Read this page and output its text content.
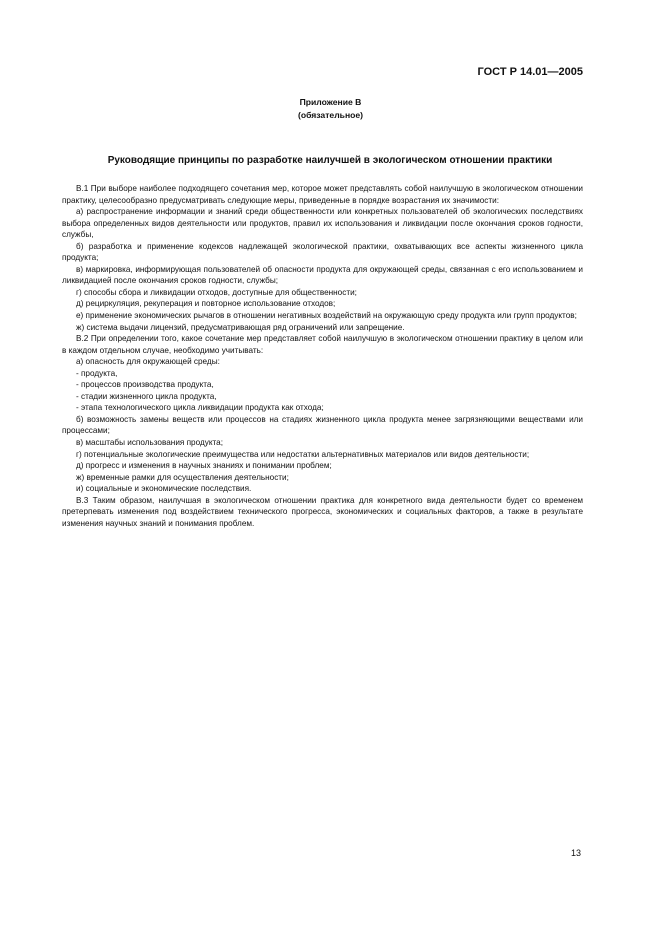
ГОСТ Р 14.01—2005
Приложение В
(обязательное)
Руководящие принципы по разработке наилучшей в экологическом отношении практики

В.1 При выборе наиболее подходящего сочетания мер, которое может представлять собой наилучшую в экологическом отношении практику, целесообразно предусматривать следующие меры, приведенные в порядке возрастания их значимости:

а) распространение информации и знаний среди общественности или конкретных пользователей об экологических последствиях выбора определенных видов деятельности или продуктов, правил их использования и ликвидации после окончания сроков годности, службы,

б) разработка и применение кодексов надлежащей экологической практики, охватывающих все аспекты жизненного цикла продукта;

в) маркировка, информирующая пользователей об опасности продукта для окружающей среды, связанная с его использованием и ликвидацией после окончания сроков годности, службы;

г) способы сбора и ликвидации отходов, доступные для общественности;

д) рециркуляция, рекуперация и повторное использование отходов;

е) применение экономических рычагов в отношении негативных воздействий на окружающую среду продукта или групп продуктов;

ж) система выдачи лицензий, предусматривающая ряд ограничений или запрещение.

В.2 При определении того, какое сочетание мер представляет собой наилучшую в экологическом отношении практику в целом или в каждом отдельном случае, необходимо учитывать:

а) опасность для окружающей среды:

- продукта,

- процессов производства продукта,

- стадии жизненного цикла продукта,

- этапа технологического цикла ликвидации продукта как отхода;

б) возможность замены веществ или процессов на стадиях жизненного цикла продукта менее загрязняющими веществами или процессами;

в) масштабы использования продукта;

г) потенциальные экологические преимущества или недостатки альтернативных материалов или видов деятельности;

д) прогресс и изменения в научных знаниях и понимании проблем;

ж) временные рамки для осуществления деятельности;

и) социальные и экономические последствия.

В.3 Таким образом, наилучшая в экологическом отношении практика для конкретного вида деятельности будет со временем претерпевать изменения под воздействием технического прогресса, экономических и социальных факторов, а также в результате изменения научных знаний и понимания проблем.

13
